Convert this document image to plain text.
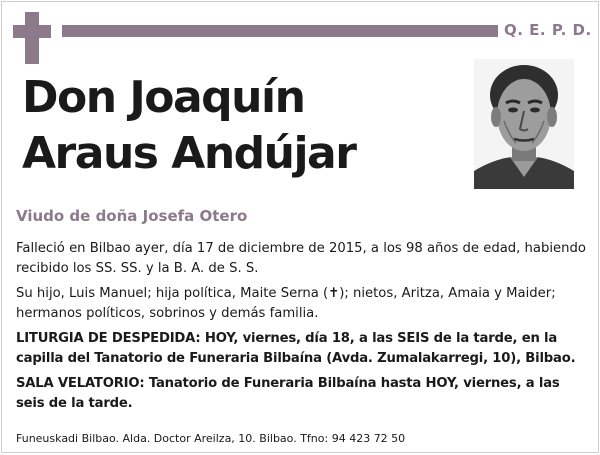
Q. E. P. D.
Don Joaquín
Araus Andújar
Viudo de doña Josefa Otero

Falleció en Bilbao ayer, día 17 de diciembre de 2015, a los 98 años de edad, habiendo recibido los SS. SS. y la B. A. de S. S.

Su hijo, Luis Manuel; hija política, Maite Serna (✝); nietos, Aritza, Amaia y Maider; hermanos políticos, sobrinos y demás familia.

LITURGIA DE DESPEDIDA: HOY, viernes, día 18, a las SEIS de la tarde, en la capilla del Tanatorio de Funeraria Bilbaína (Avda. Zumalakarregi, 10), Bilbao.

SALA VELATORIO: Tanatorio de Funeraria Bilbaína hasta HOY, viernes, a las seis de la tarde.

Funeuskadi Bilbao. Alda. Doctor Areilza, 10. Bilbao. Tfno: 94 423 72 50
